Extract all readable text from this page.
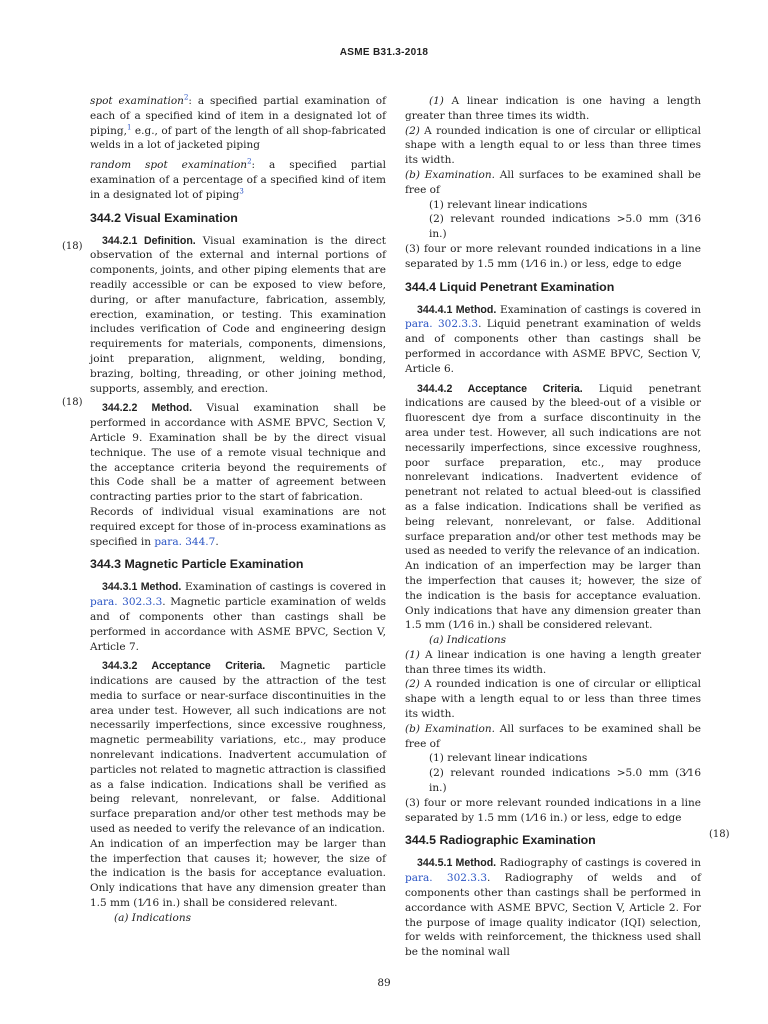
ASME B31.3-2018
(18)
(18)
(18)

spot examination$^2$: a specified partial examination of each of a specified kind of item in a designated lot of piping,$^1$ e.g., of part of the length of all shop-fabricated welds in a lot of jacketed piping

random spot examination$^2$: a specified partial examination of a percentage of a specified kind of item in a designated lot of piping$^3$

344.2 Visual Examination

344.2.1 Definition. Visual examination is the direct observation of the external and internal portions of components, joints, and other piping elements that are readily accessible or can be exposed to view before, during, or after manufacture, fabrication, assembly, erection, examination, or testing. This examination includes verification of Code and engineering design requirements for materials, components, dimensions, joint preparation, alignment, welding, bonding, brazing, bolting, threading, or other joining method, supports, assembly, and erection.

344.2.2 Method. Visual examination shall be performed in accordance with ASME BPVC, Section V, Article 9. Examination shall be by the direct visual technique. The use of a remote visual technique and the acceptance criteria beyond the requirements of this Code shall be a matter of agreement between contracting parties prior to the start of fabrication.

Records of individual visual examinations are not required except for those of in-process examinations as specified in para. 344.7.

344.3 Magnetic Particle Examination

344.3.1 Method. Examination of castings is covered in para. 302.3.3. Magnetic particle examination of welds and of components other than castings shall be performed in accordance with ASME BPVC, Section V, Article 7.

344.3.2 Acceptance Criteria. Magnetic particle indications are caused by the attraction of the test media to surface or near-surface discontinuities in the area under test. However, all such indications are not necessarily imperfections, since excessive roughness, magnetic permeability variations, etc., may produce nonrelevant indications. Inadvertent accumulation of particles not related to magnetic attraction is classified as a false indication. Indications shall be verified as being relevant, nonrelevant, or false. Additional surface preparation and/or other test methods may be used as needed to verify the relevance of an indication.

An indication of an imperfection may be larger than the imperfection that causes it; however, the size of the indication is the basis for acceptance evaluation. Only indications that have any dimension greater than 1.5 mm (1⁄16 in.) shall be considered relevant.

(a) Indications

(1) A linear indication is one having a length greater than three times its width.

(2) A rounded indication is one of circular or elliptical shape with a length equal to or less than three times its width.

(b) Examination. All surfaces to be examined shall be free of

(1) relevant linear indications

(2) relevant rounded indications >5.0 mm (3⁄16 in.)

(3) four or more relevant rounded indications in a line separated by 1.5 mm (1⁄16 in.) or less, edge to edge

344.4 Liquid Penetrant Examination

344.4.1 Method. Examination of castings is covered in para. 302.3.3. Liquid penetrant examination of welds and of components other than castings shall be performed in accordance with ASME BPVC, Section V, Article 6.

344.4.2 Acceptance Criteria. Liquid penetrant indications are caused by the bleed-out of a visible or fluorescent dye from a surface discontinuity in the area under test. However, all such indications are not necessarily imperfections, since excessive roughness, poor surface preparation, etc., may produce nonrelevant indications. Inadvertent evidence of penetrant not related to actual bleed-out is classified as a false indication. Indications shall be verified as being relevant, nonrelevant, or false. Additional surface preparation and/or other test methods may be used as needed to verify the relevance of an indication.

An indication of an imperfection may be larger than the imperfection that causes it; however, the size of the indication is the basis for acceptance evaluation. Only indications that have any dimension greater than 1.5 mm (1⁄16 in.) shall be considered relevant.

(a) Indications

(1) A linear indication is one having a length greater than three times its width.

(2) A rounded indication is one of circular or elliptical shape with a length equal to or less than three times its width.

(b) Examination. All surfaces to be examined shall be free of

(1) relevant linear indications

(2) relevant rounded indications >5.0 mm (3⁄16 in.)

(3) four or more relevant rounded indications in a line separated by 1.5 mm (1⁄16 in.) or less, edge to edge

344.5 Radiographic Examination

344.5.1 Method. Radiography of castings is covered in para. 302.3.3. Radiography of welds and of components other than castings shall be performed in accordance with ASME BPVC, Section V, Article 2. For the purpose of image quality indicator (IQI) selection, for welds with reinforcement, the thickness used shall be the nominal wall

89
